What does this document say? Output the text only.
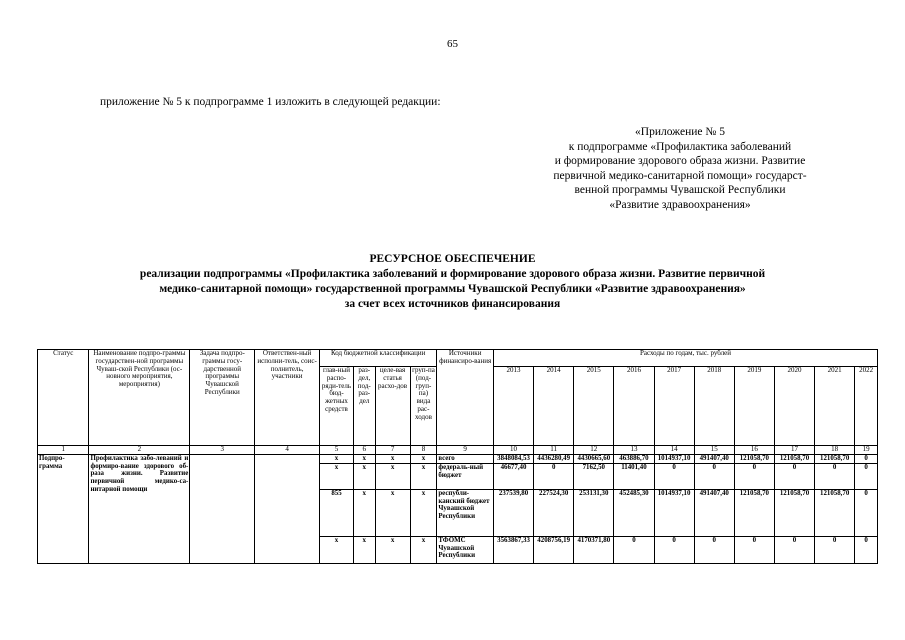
65
приложение № 5 к подпрограмме 1 изложить в следующей редакции:
«Приложение № 5
к подпрограмме «Профилактика заболеваний
и формирование здорового образа жизни. Развитие
первичной медико-санитарной помощи» государст-
венной программы Чувашской Республики
«Развитие здравоохранения»
РЕСУРСНОЕ ОБЕСПЕЧЕНИЕ
реализации подпрограммы «Профилактика заболеваний и формирование здорового образа жизни. Развитие первичной
медико-санитарной помощи» государственной программы Чувашской Республики «Развитие здравоохранения»
за счет всех источников финансирования
Статус	Наименование подпро-граммы государствен-ной программы Чуваш-ской Республики (ос-новного мероприятия, мероприятия)	Задача подпро-граммы госу-дарственной программы Чувашской Республики	Ответствен-ный исполни-тель, соис-полнитель, участники	Код бюджетной классификации				Источники финансиро-вания	Расходы по годам, тыс. рублей									
				глав-ный распо-ряди-тель бюд-жетных средств	раз-дел, под-раз-дел	целе-вая статья расхо-дов	груп-па (под-груп-па) вида рас-ходов		2013	2014	2015	2016	2017	2018	2019	2020	2021	2022
1	2	3	4	5	6	7	8	9	10	11	12	13	14	15	16	17	18	19
Подпро-грамма	Профилактика забо-леваний и формиро-вание здорового об-раза жизни. Развитие первичной медико-са-нитарной помощи			x	x	x	x	всего	3848084,53	4436280,49	4430665,60	463886,70	1014937,10	491407,40	121058,70	121058,70	121058,70	0
				x	x	x	x	федераль-ный бюджет	46677,40	0	7162,50	11401,40	0	0	0	0	0	0
				855	x	x	x	республи-канский бюджет Чувашской Республики	237539,80	227524,30	253131,30	452485,30	1014937,10	491407,40	121058,70	121058,70	121058,70	0
				x	x	x	x	ТФОМС Чувашской Республики	3563867,33	4208756,19	4170371,80	0	0	0	0	0	0	0
